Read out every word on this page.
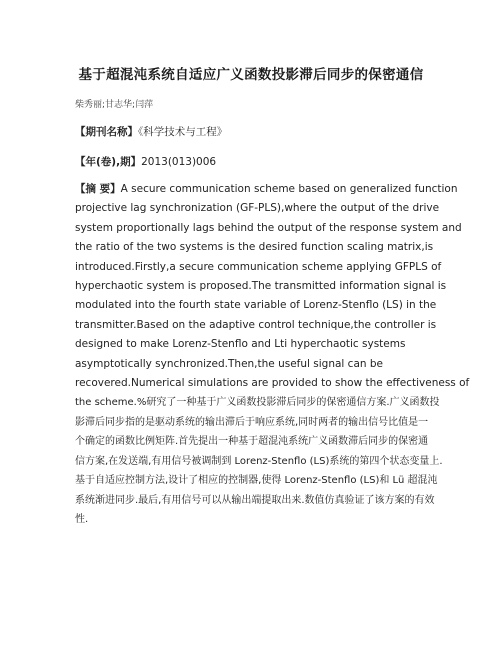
基于超混沌系统自适应广义函数投影滞后同步的保密通信
柴秀丽;甘志华;闫萍
【期刊名称】《科学技术与工程》
【年(卷),期】2013(013)006
【摘 要】A secure communication scheme based on generalized function
projective lag synchronization (GF-PLS),where the output of the drive
system proportionally lags behind the output of the response system and
the ratio of the two systems is the desired function scaling matrix,is
introduced.Firstly,a secure communication scheme applying GFPLS of
hyperchaotic system is proposed.The transmitted information signal is
modulated into the fourth state variable of Lorenz-Stenflo (LS) in the
transmitter.Based on the adaptive control technique,the controller is
designed to make Lorenz-Stenflo and Lti hyperchaotic systems
asymptotically synchronized.Then,the useful signal can be
recovered.Numerical simulations are provided to show the effectiveness of
the scheme.%研究了一种基于广义函数投影滞后同步的保密通信方案.广义函数投
影滞后同步指的是驱动系统的输出滞后于响应系统,同时两者的输出信号比值是一
个确定的函数比例矩阵.首先提出一种基于超混沌系统广义函数滞后同步的保密通
信方案,在发送端,有用信号被调制到 Lorenz-Stenflo (LS)系统的第四个状态变量上.
基于自适应控制方法,设计了相应的控制器,使得 Lorenz-Stenflo (LS)和 Lü 超混沌
系统渐进同步.最后,有用信号可以从输出端提取出来.数值仿真验证了该方案的有效
性.
